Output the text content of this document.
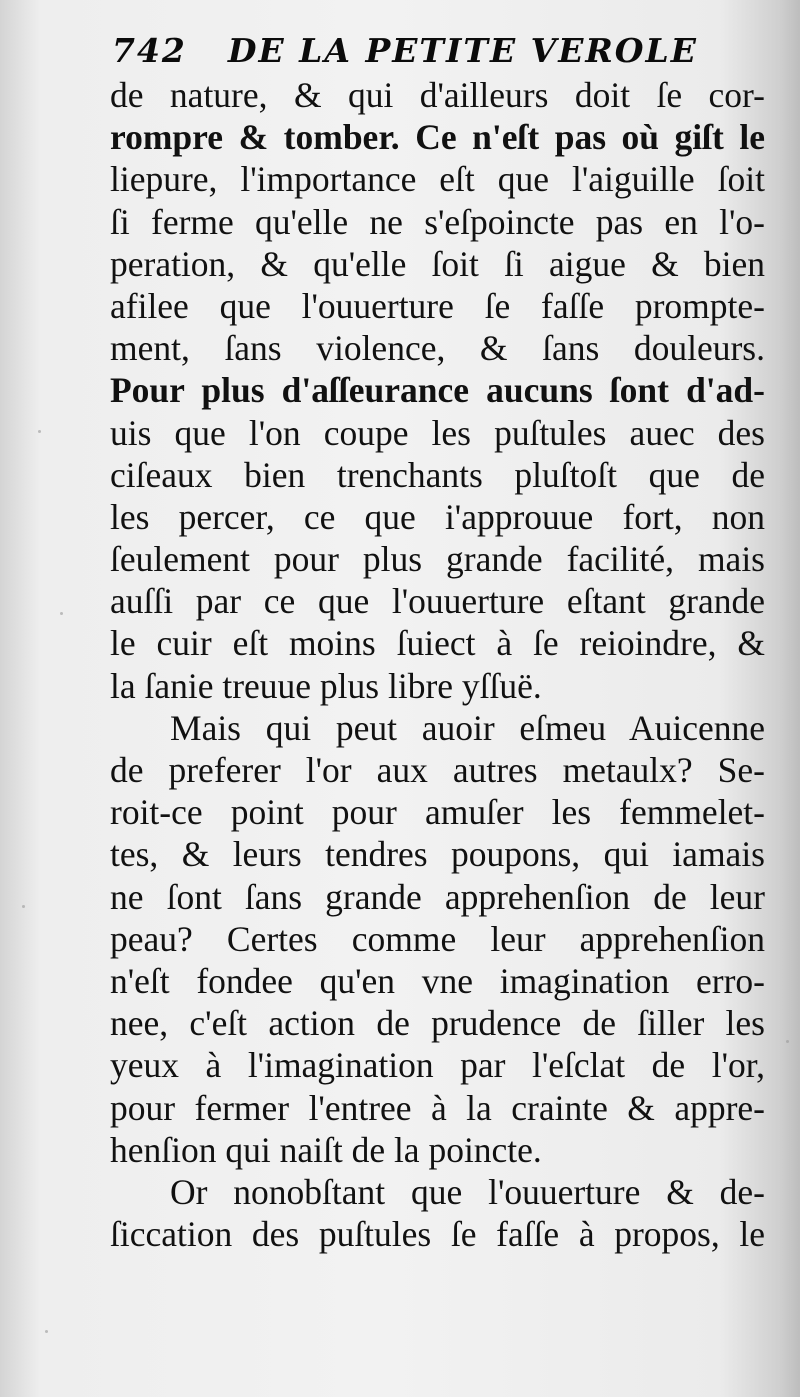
742 DE LA PETITE VEROLE
de nature, & qui d'ailleurs doit ſe cor-
rompre & tomber. Ce n'eſt pas où giſt le
liepure, l'importance eſt que l'aiguille ſoit
ſi ferme qu'elle ne s'eſpoincte pas en l'o-
peration, & qu'elle ſoit ſi aigue & bien
afilee que l'ouuerture ſe faſſe prompte-
ment, ſans violence, & ſans douleurs.
Pour plus d'aſſeurance aucuns ſont d'ad-
uis que l'on coupe les puſtules auec des
ciſeaux bien trenchants pluſtoſt que de
les percer, ce que i'approuue fort, non
ſeulement pour plus grande facilité, mais
auſſi par ce que l'ouuerture eſtant grande
le cuir eſt moins ſuiect à ſe reioindre, &
la ſanie treuue plus libre yſſuë.
Mais qui peut auoir eſmeu Auicenne
de preferer l'or aux autres metaulx? Se-
roit-ce point pour amuſer les femmelet-
tes, & leurs tendres poupons, qui iamais
ne ſont ſans grande apprehenſion de leur
peau? Certes comme leur apprehenſion
n'eſt fondee qu'en vne imagination erro-
nee, c'eſt action de prudence de ſiller les
yeux à l'imagination par l'eſclat de l'or,
pour fermer l'entree à la crainte & appre-
henſion qui naiſt de la poincte.
Or nonobſtant que l'ouuerture & de-
ſiccation des puſtules ſe faſſe à propos, le
